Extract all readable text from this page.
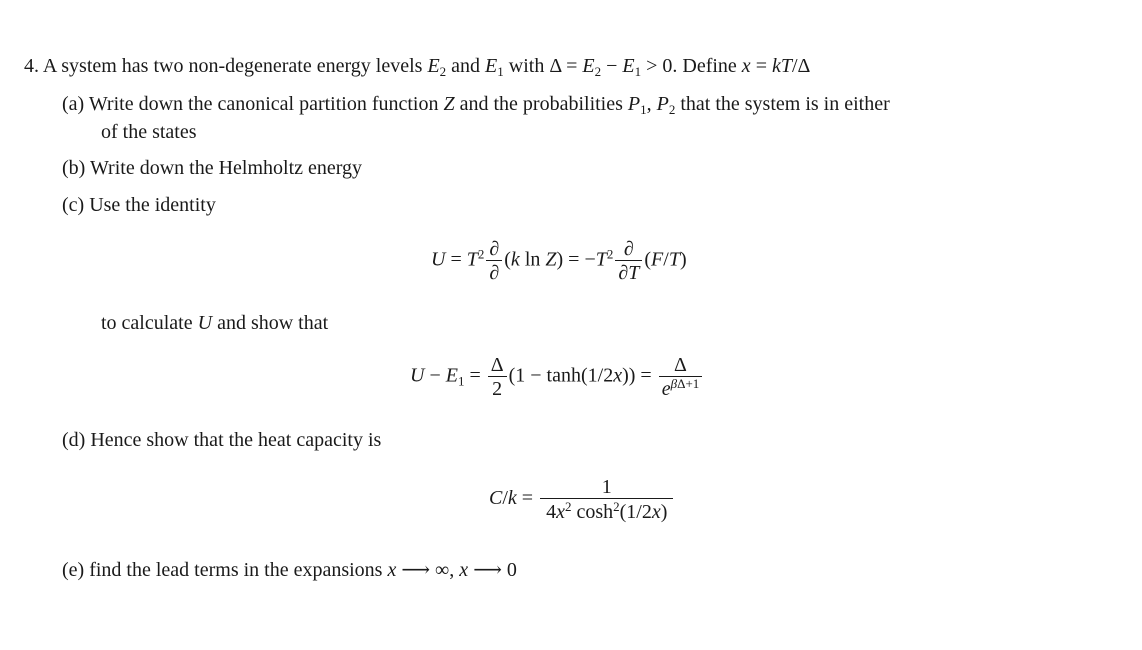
4. A system has two non-degenerate energy levels $E_2$ and $E_1$ with $\Delta = E_2 - E_1 > 0$. Define x = kT/Δ
(a) Write down the canonical partition function Z and the probabilities $P_1$, $P_2$ that the system is in either
of the states
(b) Write down the Helmholtz energy
(c) Use the identity
$U = T^2 \frac{\partial}{\partial} (k$ $\ln Z) = -T^2 \frac{\partial}{\partial T} (F/T)$
to calculate U and show that
$U - E_1 = \frac{\Delta}{2} (1 - \tanh(1/2x)) = \frac{\Delta}{e^{\beta\Delta+1}}$
(d) Hence show that the heat capacity is
$C/k = \frac{1}{4x^2 \cosh^2(1/2x)}$
(e) find the lead terms in the expansions x ⟶ ∞, x ⟶ 0
